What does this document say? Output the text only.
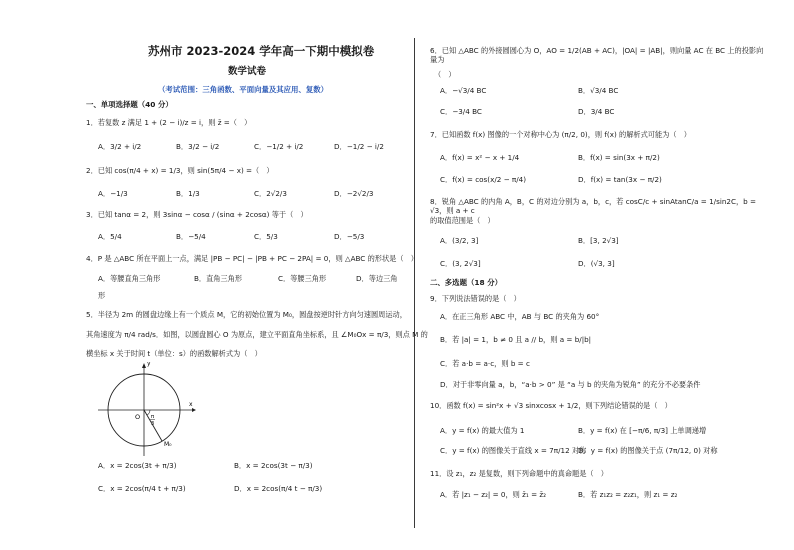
苏州市 2023-2024 学年高一下期中模拟卷
数学试卷
（考试范围：三角函数、平面向量及其应用、复数）
一、单项选择题（40 分）
1．若复数 z 满足 1 + (2 − i)/z = i，则 z̄ =（　）
A．3/2 + i/2	B．3/2 − i/2	C．−1/2 + i/2	D．−1/2 − i/2
2．已知 cos(π/4 + x) = 1/3，则 sin(5π/4 − x) =（　）
A．−1/3	B．1/3	C．2√2/3	D．−2√2/3
3．已知 tanα = 2，则 3sinα − cosα / (sinα + 2cosα) 等于（　）
A．5/4	B．−5/4	C．5/3	D．−5/3
4．P 是 △ABC 所在平面上一点，满足 |PB − PC| − |PB + PC − 2PA| = 0，则 △ABC 的形状是（　）
A．等腰直角三角形	B．直角三角形	C．等腰三角形	D．等边三角
形
5．半径为 2m 的圆盘边缘上有一个质点 M，它的初始位置为 M₀，圆盘按逆时针方向匀速圆周运动，
其角速度为 π/4 rad/s．如图，以圆盘圆心 O 为原点，建立平面直角坐标系，且 ∠M₀Ox = π/3，则点 M 的
横坐标 x 关于时间 t（单位：s）的函数解析式为（　）
y
x
O π
3
M₀
A．x = 2cos(3t + π/3)	B．x = 2cos(3t − π/3)
C．x = 2cos(π/4 t + π/3)	D．x = 2cos(π/4 t − π/3)
6．已知 △ABC 的外接圆圆心为 O，AO = 1/2(AB + AC)，|OA| = |AB|，则向量 AC 在 BC 上的投影向量为
（　）
A．−√3/4 BC	B．√3/4 BC
C．−3/4 BC	D．3/4 BC
7．已知函数 f(x) 图像的一个对称中心为 (π/2, 0)，则 f(x) 的解析式可能为（　）
A．f(x) = x² − x + 1/4	B．f(x) = sin(3x + π/2)
C．f(x) = cos(x/2 − π/4)	D．f(x) = tan(3x − π/2)
8．锐角 △ABC 的内角 A，B，C 的对边分别为 a，b，c，若 cosC/c + sinAtanC/a = 1/sin2C，b = √3，则 a + c
的取值范围是（　）
A．(3/2, 3]	B．[3, 2√3]
C．(3, 2√3]	D．(√3, 3]
二、多选题（18 分）
9．下列说法错误的是（　）
A．在正三角形 ABC 中，AB 与 BC 的夹角为 60°
B．若 |a| = 1，b ≠ 0 且 a // b，则 a = b/|b|
C．若 a·b = a·c，则 b = c
D．对于非零向量 a，b，“a·b > 0” 是 “a 与 b 的夹角为锐角” 的充分不必要条件
10．函数 f(x) = sin²x + √3 sinxcosx + 1/2，则下列结论错误的是（　）
A．y = f(x) 的最大值为 1	B．y = f(x) 在 [−π/6, π/3] 上单调递增
C．y = f(x) 的图像关于直线 x = 7π/12 对称
D．y = f(x) 的图像关于点 (7π/12, 0) 对称
11．设 z₁，z₂ 是复数，则下列命题中的真命题是（　）
A．若 |z₁ − z₂| = 0，则 z̄₁ = z̄₂	B．若 z₁z₂ = z₂z₁，则 z₁ = z₂
